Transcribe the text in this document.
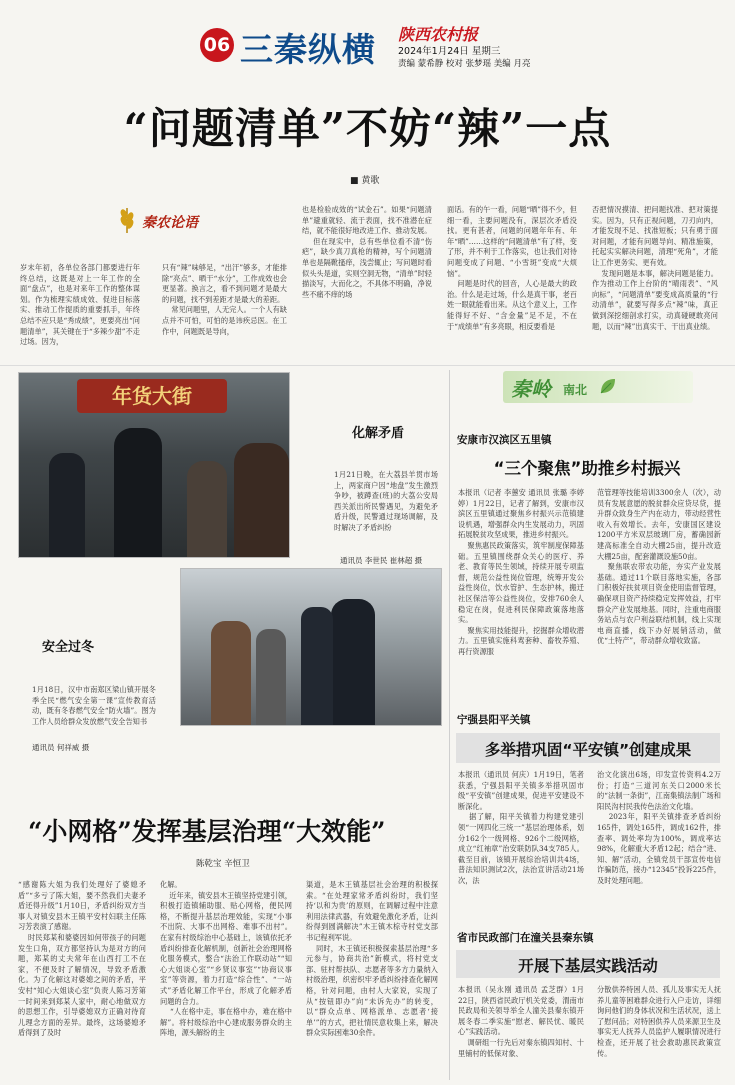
06 三秦纵横 陕西农村报
2024年1月24日 星期三
责编 蒙希静 校对 张梦瑶 美编 月亮
“问题清单”不妨“辣”一点
■ 黄歌
秦农论语
岁末年初，各单位各部门都要进行年终总结，这既是对上一年工作的全面“盘点”，也是对来年工作的整体谋划。作为梳理实绩成效、促进目标落实、推动工作提质的重要抓手，年终总结不应只是“秀成绩”，更要亮出“问题清单”，其关键在于“多辣少甜”不走过场。因为，
只有“辣”味够足，“出汗”够多，才能排除“亮点”、晒干“水分”，工作成效也会更显著。换言之，看不到问题才是最大的问题，找不到差距才是最大的差距。
常见问题里，人无完人。一个人有缺点并不可怕，可怕的是讳疾忌医。在工作中，问题既是导向，
也是检验成效的“试金石”。如果“问题清单”避重就轻、流于表面，找不准潜在症结，就不能很好地改进工作、推动发展。
但在现实中，总有些单位看不清“伤疤”，缺少真刀真枪的精神，写个问题清单也是隔靴搔痒，浅尝辄止；写问题时看似头头是道，实则空洞无物，“清单”时轻描淡写，大而化之，不具体不明确，净说些不痛不痒的场
面话。有的午一看，问题“晒”得不少，但细一看，主要问题没有，深层次矛盾没找。更有甚者，问题的问题年年有、年年“晒”……这样的“问题清单”有了样，变了形，并不利于工作落实，也让我们对待问题变成了问题、“小雪斑”变成“大烦恼”。
问题是时代的回音，人心是最大的政治。什么是走过场，什么是真干事，老百姓一眼就能看出来。从这个意义上，工作能得好不好、“含金量”足不足，不在于“成绩单”有多亮眼，相反要看是
否把情况摸清、把问题找准、把对策提实。因为，只有正视问题，刀刃向内，才能发现不足、找准短板；只有勇于面对问题，才能有问题导向、精准施策，托起实实解决问题，清理“死角”，才能让工作更务实、更有效。
发现问题是本事，解决问题是能力。作为推动工作上台阶的“晴雨表”、“风向标”，“问题清单”要变成高质量的“行动清单”，就要写得多点“辣”味，真正做到深挖细剖求打实，动真碰硬敢亮问题，以而“辣”出真实干、干出真业绩。
年货大街
化解矛盾
1月21日晚，在大荔县羊贯市场上，两家商户因“地盘”发生激烈争吵，被蹲查(班)的大荔公安局西关派出所民警遇见，为避免矛盾升级，民警通过现场调解，及时解决了矛盾纠纷
通讯员 李世民 崔林超 摄
安全过冬
1月18日，汉中市南郑区梁山镇开展冬季全民“燃气安全第一课”宣传教育活动，既有冬春燃气安全“防火墙”。图为工作人员给群众发放燃气安全告知书
通讯员 何祥威 摄
“小网格”发挥基层治理“大效能”
陈乾宝 辛恒卫
“感谢陈大姐为我们处理好了婆媳矛盾”“多亏了陈大姐，要不然我们夫妻矛盾还得升级”1月10日，矛盾纠纷双方当事人对镇安县木王镇平安村妇联主任陈习芳表演了感谢。
时民郑某和婆婆因如何带孩子的问题发生口角，双方都坚持认为是对方的问题，郑某的丈夫常年在山西打工不在家，不便及时了解情况，导致矛盾激化。为了化解这对婆媳之间的矛盾，平安村“知心大姐谈心室”负责人陈习芳第一时间来到郑某人家中，耐心地做双方的思想工作，引导婆媳双方正确对待育儿理念方面的差异。最终，这场婆媳矛盾得到了及时
化解。
近年来，镇安县木王镇坚持党建引领，积极打造镇辅助服、贴心网格，便民网格，不断提升基层治理效能，实现“小事不出院、大事不出网格、难事不出村”。在家有村级综治中心基础上，该镇依托矛盾纠纷排查化解机制，创新社会治理网格化服务模式，整合“法治工作联动站”“知心大姐谈心室”“乡贤议事室”“协商议事室”等资源，着力打造“综合性”、“一站式”矛盾化解工作平台，形成了化解矛盾问题的合力。
“人在格中走，事在格中办，难在格中解”。将村级综治中心建成服务群众的主阵地，源头解纷的主
渠道，是木王镇基层社会治理的积极探索。“在处理家常矛盾纠纷时，我们坚持‘以和为贵’的原则，在调解过程中注意利用法律武器，有效避免激化矛盾，让纠纷得到圆满解决”木王镇木棕寺村党支部书记程利军说。
同时，木王镇还积极探索基层治理“多元参与，协商共治”新模式，将村党支部、驻村帮扶队、志愿者等多方力量纳入村级治理，织密织牢矛盾纠纷排查化解网格，针对问题，由村人大家说，实现了从“按钮即办”向“未诉先办”的转变，以“群众点单、网格派单、志愿者‘接单’”的方式，把社情民意收集上来，解决群众实际困难30余件。
秦岭 南北
安康市汉滨区五里镇
“三个聚焦”助推乡村振兴
本报讯（记者 李蕙安 通讯员 张璐 李婷婷）1月22日，记者了解到，安康市汉滨区五里镇通过聚焦乡村振兴示范镇建设机遇，增强群众内生发展动力，巩固拓展脱贫攻坚成果，推进乡村振兴。
聚焦惠民政策落实，筑牢制度保障基础。五里镇围绕群众关心的医疗、养老、教育等民生领域，持续开展专项监督，规范公益性岗位管理，统筹开发公益性岗位，饮水管护、生态护林，搬迁社区保洁等公益性岗位，安排760余人稳定在岗，促进利民保障政策落地落实。
聚焦实用技能提升，挖掘群众增收潜力。五里镇实施科鸾套种、畜牧养殖、再行资源服
范管理等技能培训3300余人（次），动员有发展意愿的脱贫群众应贷尽贷，提升群众致身生产内在动力，带动经营性收入有效增长。去年，安康国区建设1200平方米双层玻璃厂房，蓄确园新建高标准全自动大棚25亩，提升改造大棚25亩，配套灌溉设施50亩。
聚焦联农带农功能，夯实产业发展基础。通过11个联目落地实施，各部门积极好扶贫项目资金使用监督管理，确保项目资产持续稳定发挥效益，打牢群众产业发展地基。同时，注重电商服务站点与农户利益联结机制，线上实现电商直播，线下办好展销活动，做优“土特产”，带动群众增收致富。
宁强县阳平关镇
多举措巩固“平安镇”创建成果
本报讯（通讯员 何庆）1月19日，笔者获悉，宁强县阳平关镇多举措巩固市级“平安镇”创建成果，促进平安建设不断深化。
据了解，阳平关镇着力构建党建引领“一网四化三统一”基层治理体系，划分162个一级网格、926个二级网格，成立“红袖章”治安联防队34支785人。截至目前，该镇开展综治培训共4场，普法知识测试2次，法治宣讲活动21场次，法
治文化演出6场，印发宣传资料4.2万份；打造“三道河东关口2000米长的“法制一条街”，江南集镇法制广场和阳民沟村民我传色法治文化墙。
2023年，阳平关镇排查矛盾纠纷165件，调处165件，调成162件，排查率、调处率均为100%，调成率达98%，化解重大矛盾12起；结合“进、知、解”活动，全镇党员干部宣传电信诈骗防范，接办“12345”投诉225件，及时处理问题。
省市民政部门在潼关县秦东镇
开展下基层实践活动
本报讯（吴永刚 通讯员 孟芝群）1月22日，陕西省民政厅机关党委，渭南市民政局和关领导举全人潼关县秦东镇开展冬春二季实施“慰老、解民忧、暖民心”实践活动。
调研组一行先后对秦东镇四知村、十里铺村的低保对象、
分散供养特困人员、孤儿及事实无人抚养儿童等困难群众进行入户走访，详细询问他们的身体状况和生活状况，送上了慰问品；对特困供养人员来源卫生及事实无人抚养人员监护人履职情况进行检查，还开展了社会救助惠民政策宣传。
